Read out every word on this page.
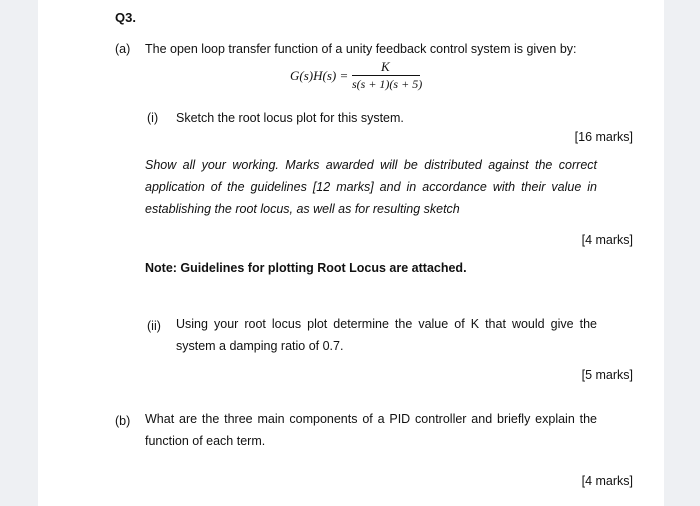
Q3.
(a) The open loop transfer function of a unity feedback control system is given by:
G(s)H(s) =
K
s(s + 1)(s + 5)
(i) Sketch the root locus plot for this system.
[16 marks]
Show all your working. Marks awarded will be distributed against the correct application of the guidelines [12 marks] and in accordance with their value in establishing the root locus, as well as for resulting sketch
[4 marks]
Note: Guidelines for plotting Root Locus are attached.
(ii) Using your root locus plot determine the value of K that would give the system a damping ratio of 0.7.
[5 marks]
(b) What are the three main components of a PID controller and briefly explain the function of each term.
[4 marks]
